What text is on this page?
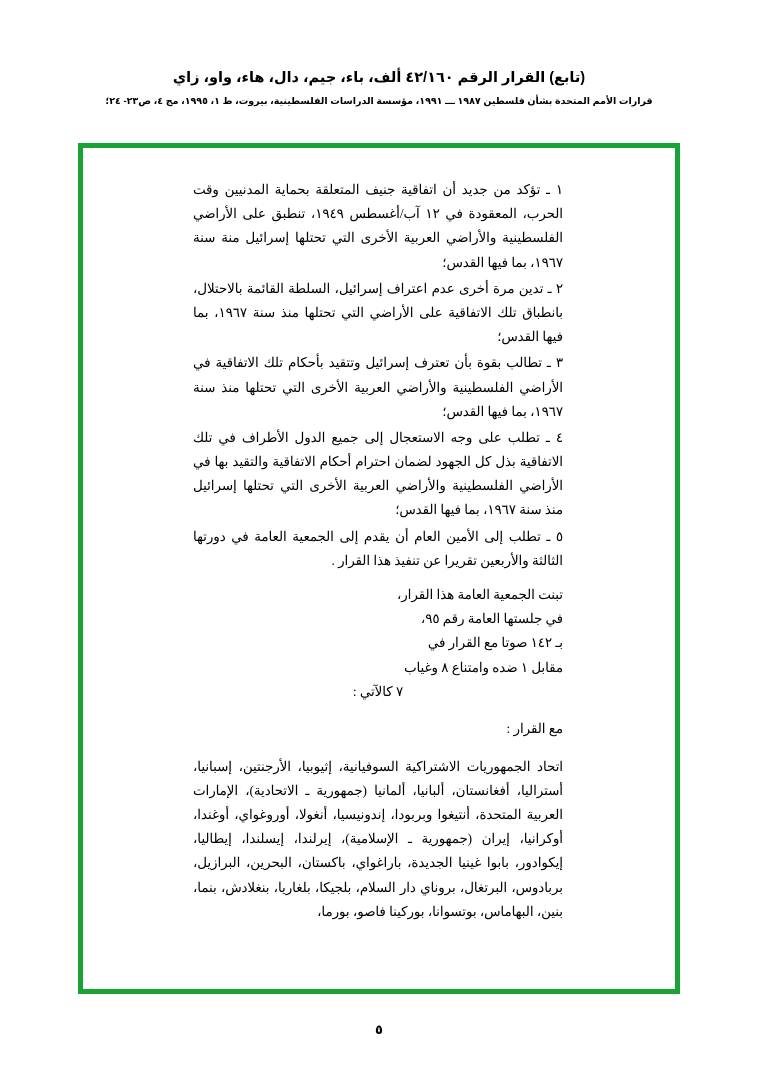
(تابع) القرار الرقم ٤٢/١٦٠ ألف، باء، جيم، دال، هاء، واو، زاي
قرارات الأمم المتحدة بشأن فلسطين ١٩٨٧ ـــ ١٩٩١، مؤسسة الدراسات الفلسطينية، بيروت، ط ١، ١٩٩٥، مج ٤، ص٢٣- ٢٤؛

١ ـ تؤكد من جديد أن اتفاقية جنيف المتعلقة بحماية المدنيين وقت الحرب، المعقودة في ١٢ آب/أغسطس ١٩٤٩، تنطبق على الأراضي الفلسطينية والأراضي العربية الأخرى التي تحتلها إسرائيل منة سنة ١٩٦٧، بما فيها القدس؛

٢ ـ تدين مرة أخرى عدم اعتراف إسرائيل، السلطة القائمة بالاحتلال، بانطباق تلك الاتفاقية على الأراضي التي تحتلها منذ سنة ١٩٦٧، بما فيها القدس؛

٣ ـ تطالب بقوة بأن تعترف إسرائيل وتتقيد بأحكام تلك الاتفاقية في الأراضي الفلسطينية والأراضي العربية الأخرى التي تحتلها منذ سنة ١٩٦٧، بما فيها القدس؛

٤ ـ تطلب على وجه الاستعجال إلى جميع الدول الأطراف في تلك الاتفاقية بذل كل الجهود لضمان احترام أحكام الاتفاقية والتقيد بها في الأراضي الفلسطينية والأراضي العربية الأخرى التي تحتلها إسرائيل منذ سنة ١٩٦٧، بما فيها القدس؛

٥ ـ تطلب إلى الأمين العام أن يقدم إلى الجمعية العامة في دورتها الثالثة والأربعين تقريرا عن تنفيذ هذا القرار .

تبنت الجمعية العامة هذا القرار،

في جلستها العامة رقم ٩٥،

بـ ١٤٢ صوتا مع القرار في

مقابل ١ ضده وامتناع ٨ وغياب

٧ كالآتي :

مع القرار :

اتحاد الجمهوريات الاشتراكية السوفيانية، إثيوبيا، الأرجنتين، إسبانيا، أستراليا، أفغانستان، ألبانيا، ألمانيا (جمهورية ـ الاتحادية)، الإمارات العربية المتحدة، أنتيغوا وبربودا، إندونيسيا، أنغولا، أوروغواي، أوغندا، أوكرانيا، إيران (جمهورية ـ الإسلامية)، إيرلندا، إيسلندا، إيطاليا، إيكوادور، بابوا غينيا الجديدة، باراغواي، باكستان، البحرين، البرازيل، بربادوس، البرتغال، بروناي دار السلام، بلجيكا، بلغاريا، بنغلادش، بنما، بنين، البهاماس، بوتسوانا، بوركينا فاصو، بورما،

٥
